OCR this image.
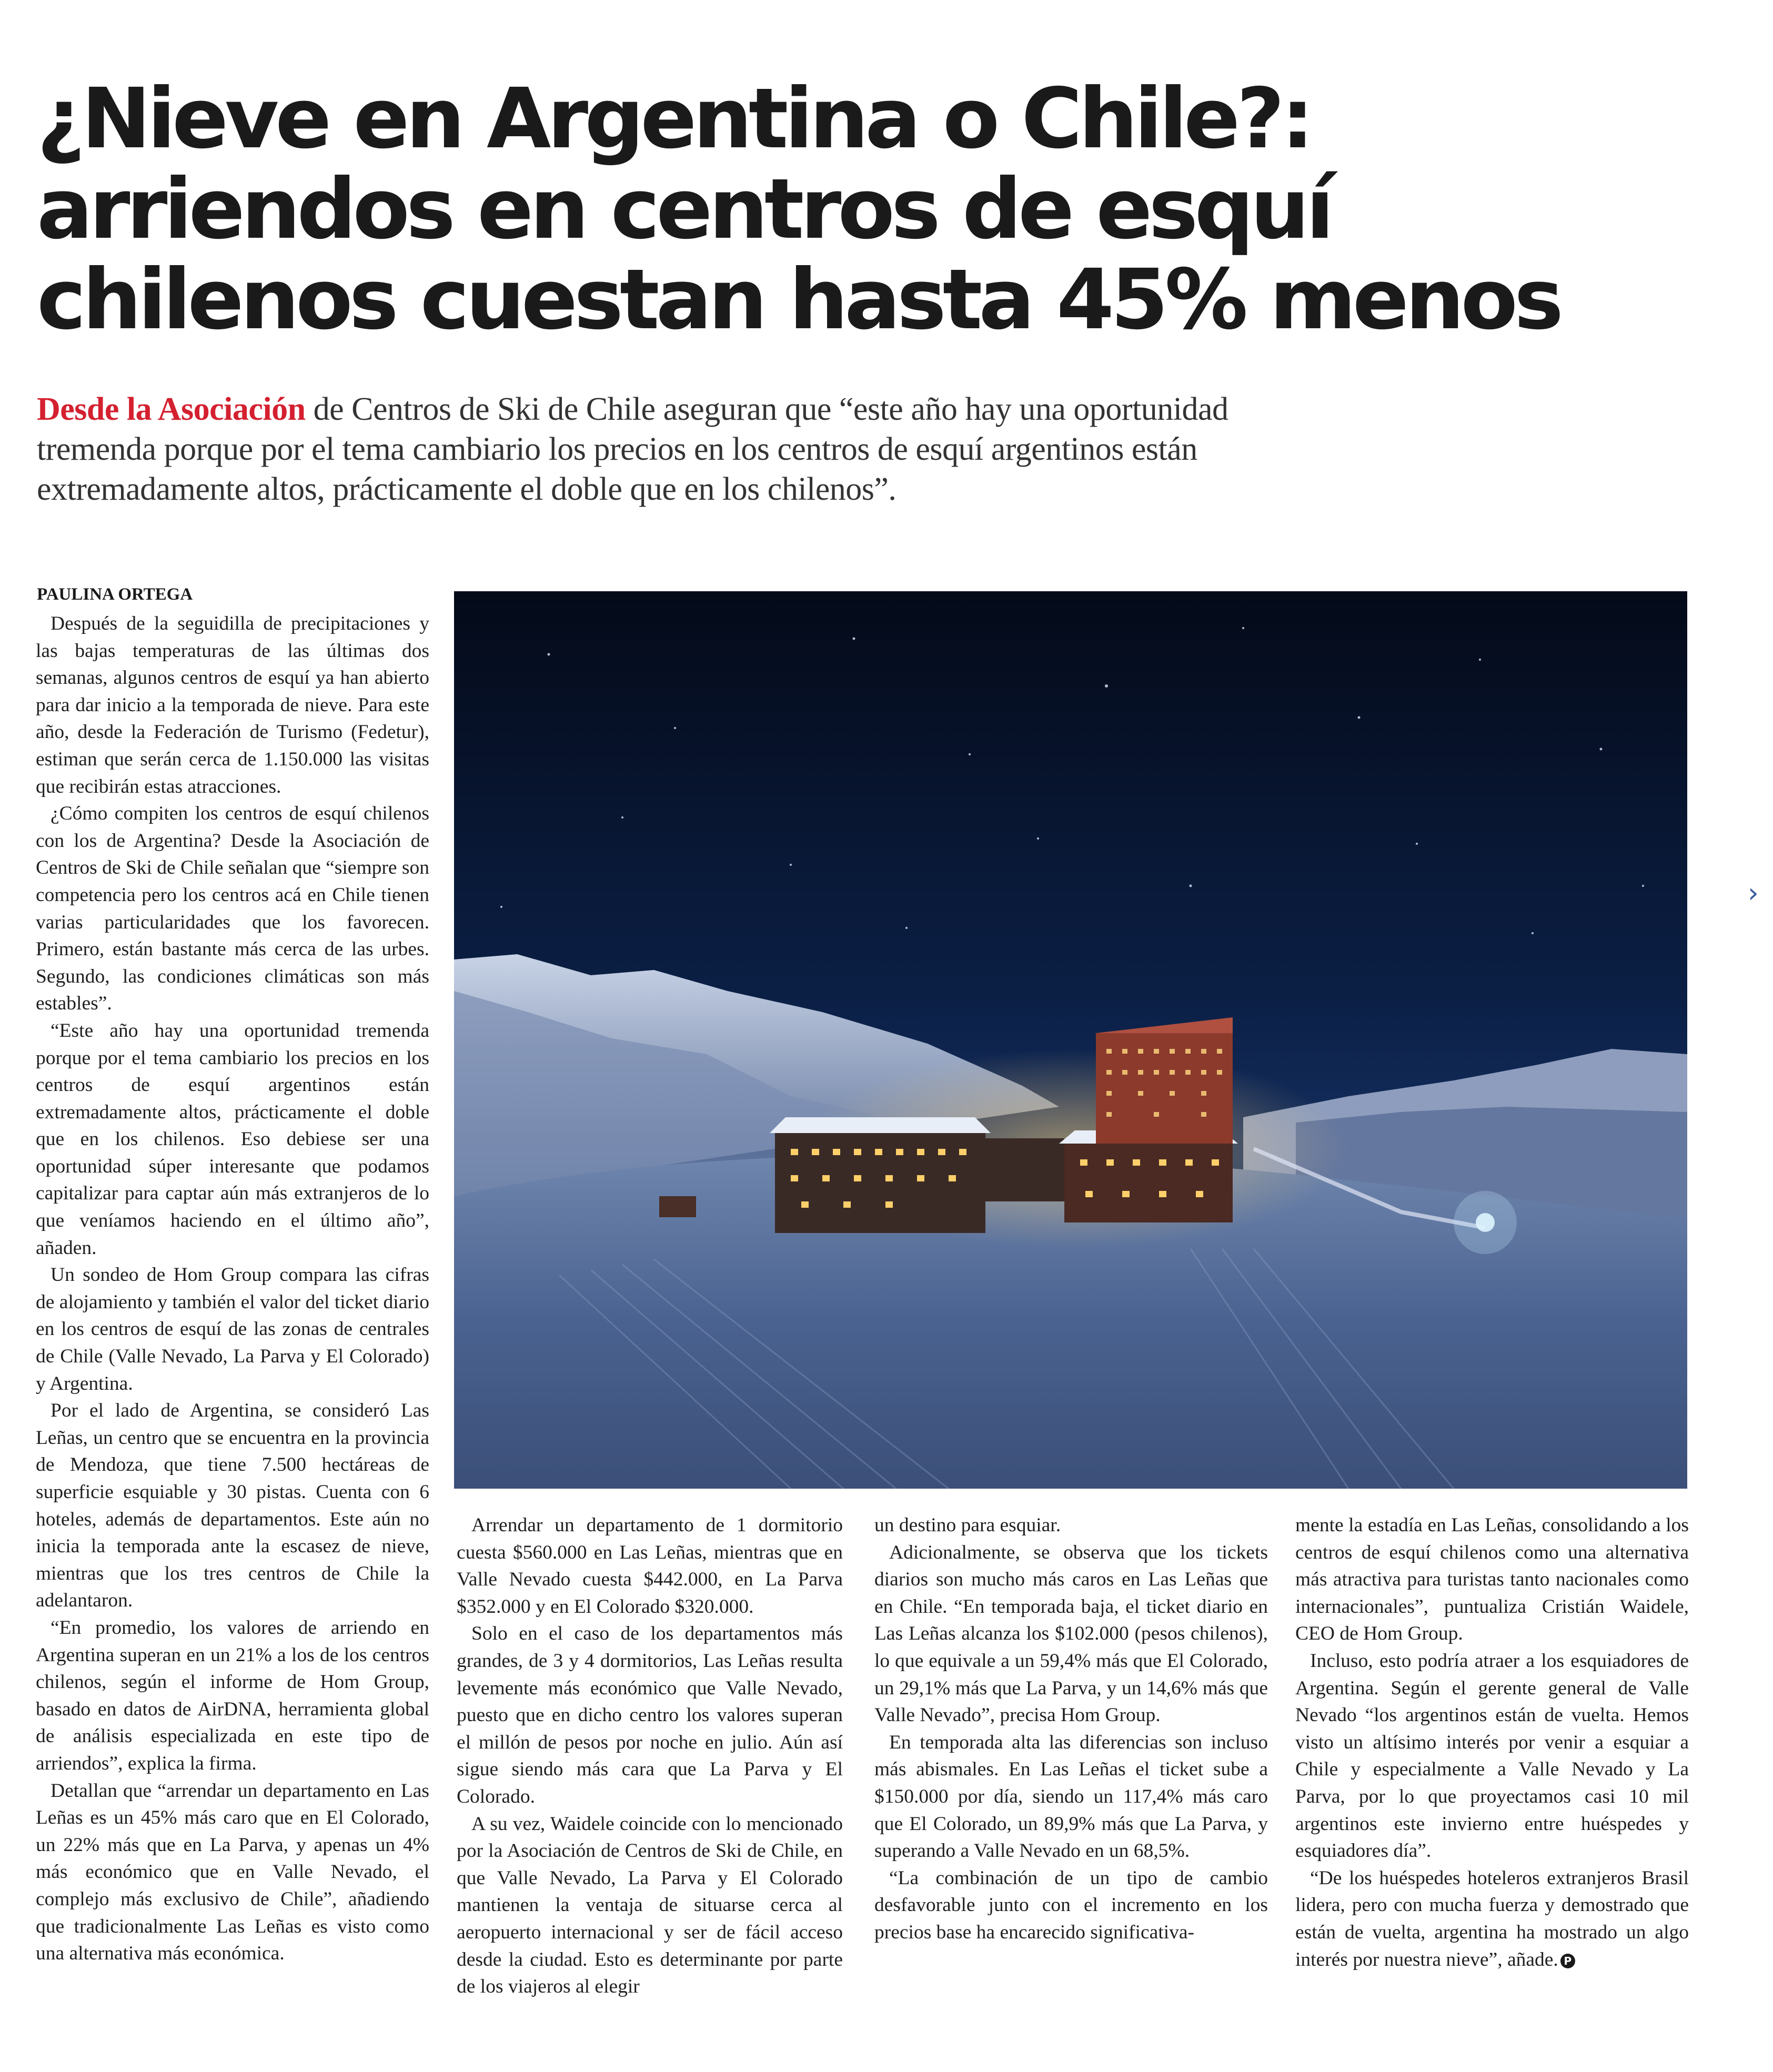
¿Nieve en Argentina o Chile?:
arriendos en centros de esquí
chilenos cuestan hasta 45% menos

Desde la Asociación de Centros de Ski de Chile aseguran que “este año hay una oportunidad tremenda porque por el tema cambiario los precios en los centros de esquí argentinos están extremadamente altos, prácticamente el doble que en los chilenos”.

PAULINA ORTEGA

Después de la seguidilla de precipitaciones y las bajas temperaturas de las últimas dos semanas, algunos centros de esquí ya han abierto para dar inicio a la temporada de nieve. Para este año, desde la Federación de Turismo (Fedetur), estiman que serán cerca de 1.150.000 las visitas que recibirán estas atracciones.

¿Cómo compiten los centros de esquí chilenos con los de Argentina? Desde la Asociación de Centros de Ski de Chile señalan que “siempre son competencia pero los centros acá en Chile tienen varias particularidades que los favorecen. Primero, están bastante más cerca de las urbes. Segundo, las condiciones climáticas son más estables”.

“Este año hay una oportunidad tremenda porque por el tema cambiario los precios en los centros de esquí argentinos están extremadamente altos, prácticamente el doble que en los chilenos. Eso debiese ser una oportunidad súper interesante que podamos capitalizar para captar aún más extranjeros de lo que veníamos haciendo en el último año”, añaden.

Un sondeo de Hom Group compara las cifras de alojamiento y también el valor del ticket diario en los centros de esquí de las zonas de centrales de Chile (Valle Nevado, La Parva y El Colorado) y Argentina.

Por el lado de Argentina, se consideró Las Leñas, un centro que se encuentra en la provincia de Mendoza, que tiene 7.500 hectáreas de superficie esquiable y 30 pistas. Cuenta con 6 hoteles, además de departamentos. Este aún no inicia la temporada ante la escasez de nieve, mientras que los tres centros de Chile la adelantaron.

“En promedio, los valores de arriendo en Argentina superan en un 21% a los de los centros chilenos, según el informe de Hom Group, basado en datos de AirDNA, herramienta global de análisis especializada en este tipo de arriendos”, explica la firma.

Detallan que “arrendar un departamento en Las Leñas es un 45% más caro que en El Colorado, un 22% más que en La Parva, y apenas un 4% más económico que en Valle Nevado, el complejo más exclusivo de Chile”, añadiendo que tradicionalmente Las Leñas es visto como una alternativa más económica.

Arrendar un departamento de 1 dormitorio cuesta $560.000 en Las Leñas, mientras que en Valle Nevado cuesta $442.000, en La Parva $352.000 y en El Colorado $320.000.

Solo en el caso de los departamentos más grandes, de 3 y 4 dormitorios, Las Leñas resulta levemente más económico que Valle Nevado, puesto que en dicho centro los valores superan el millón de pesos por noche en julio. Aún así sigue siendo más cara que La Parva y El Colorado.

A su vez, Waidele coincide con lo mencionado por la Asociación de Centros de Ski de Chile, en que Valle Nevado, La Parva y El Colorado mantienen la ventaja de situarse cerca al aeropuerto internacional y ser de fácil acceso desde la ciudad. Esto es determinante por parte de los viajeros al elegir

un destino para esquiar.

Adicionalmente, se observa que los tickets diarios son mucho más caros en Las Leñas que en Chile. “En temporada baja, el ticket diario en Las Leñas alcanza los $102.000 (pesos chilenos), lo que equivale a un 59,4% más que El Colorado, un 29,1% más que La Parva, y un 14,6% más que Valle Nevado”, precisa Hom Group.

En temporada alta las diferencias son incluso más abismales. En Las Leñas el ticket sube a $150.000 por día, siendo un 117,4% más caro que El Colorado, un 89,9% más que La Parva, y superando a Valle Nevado en un 68,5%.

“La combinación de un tipo de cambio desfavorable junto con el incremento en los precios base ha encarecido significativa-

mente la estadía en Las Leñas, consolidando a los centros de esquí chilenos como una alternativa más atractiva para turistas tanto nacionales como internacionales”, puntualiza Cristián Waidele, CEO de Hom Group.

Incluso, esto podría atraer a los esquiadores de Argentina. Según el gerente general de Valle Nevado “los argentinos están de vuelta. Hemos visto un altísimo interés por venir a esquiar a Chile y especialmente a Valle Nevado y La Parva, por lo que proyectamos casi 10 mil argentinos este invierno entre huéspedes y esquiadores día”.

“De los huéspedes hoteleros extranjeros Brasil lidera, pero con mucha fuerza y demostrado que están de vuelta, argentina ha mostrado un algo interés por nuestra nieve”, añade. P

›
